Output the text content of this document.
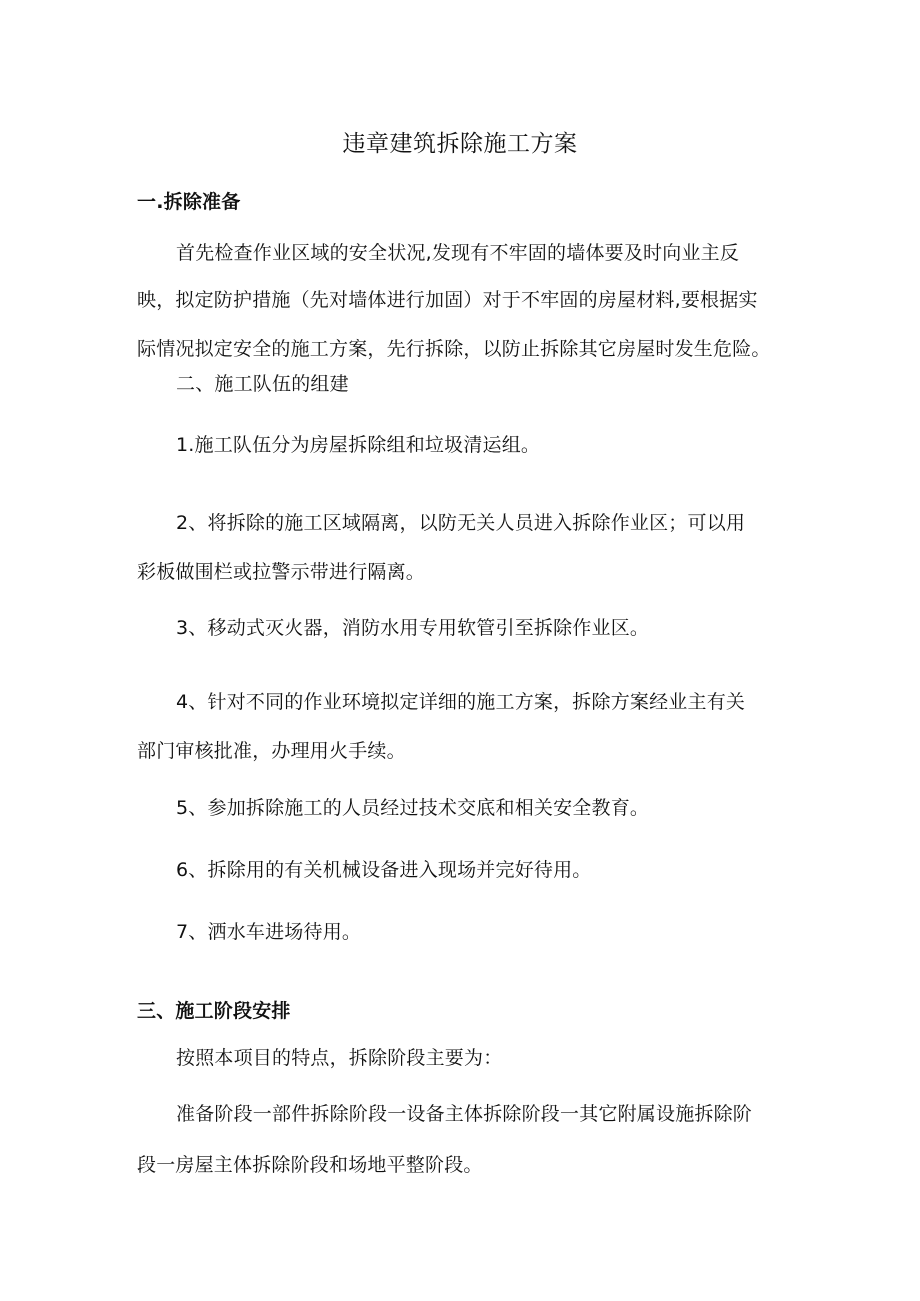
违章建筑拆除施工方案
一.拆除准备
首先检查作业区域的安全状况,发现有不牢固的墙体要及时向业主反
映，拟定防护措施（先对墙体进行加固）对于不牢固的房屋材料,要根据实
际情况拟定安全的施工方案，先行拆除，以防止拆除其它房屋时发生危险。
二、施工队伍的组建
1.施工队伍分为房屋拆除组和垃圾清运组。
2、将拆除的施工区域隔离，以防无关人员进入拆除作业区；可以用
彩板做围栏或拉警示带进行隔离。
3、移动式灭火器，消防水用专用软管引至拆除作业区。
4、针对不同的作业环境拟定详细的施工方案，拆除方案经业主有关
部门审核批准，办理用火手续。
5、参加拆除施工的人员经过技术交底和相关安全教育。
6、拆除用的有关机械设备进入现场并完好待用。
7、洒水车进场待用。
三、施工阶段安排
按照本项目的特点，拆除阶段主要为：
准备阶段一部件拆除阶段一设备主体拆除阶段一其它附属设施拆除阶
段一房屋主体拆除阶段和场地平整阶段。
